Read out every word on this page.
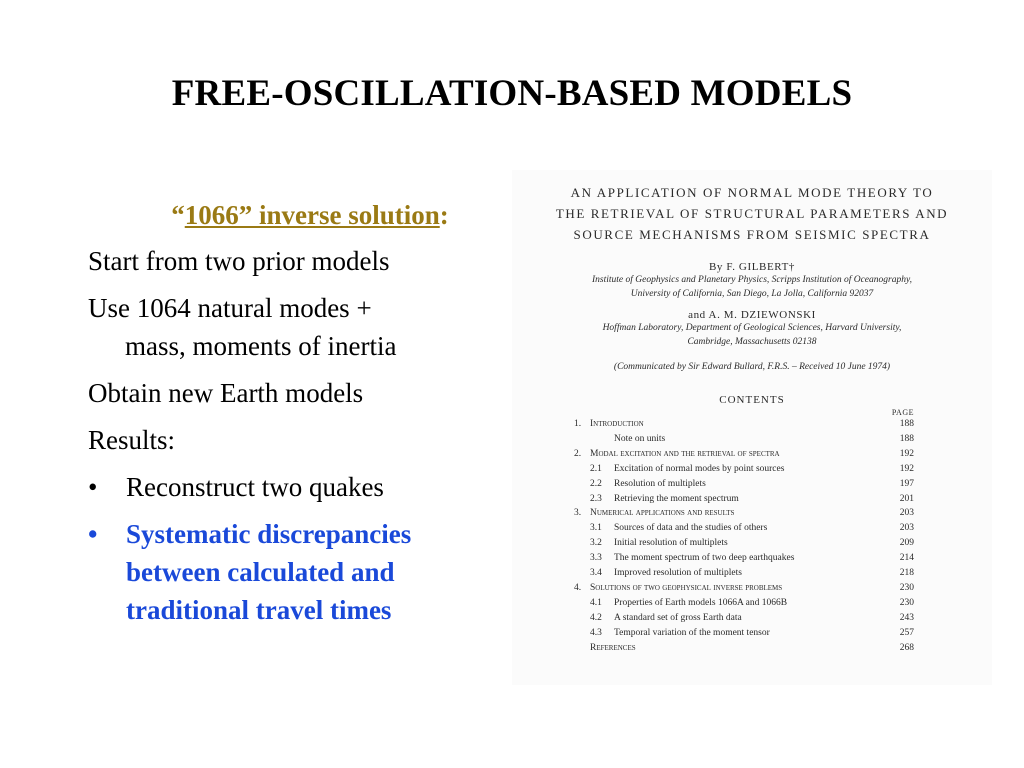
FREE-OSCILLATION-BASED MODELS
“1066” inverse solution:
Start from two prior models
Use 1064 natural modes +
mass, moments of inertia
Obtain new Earth models
Results:
• Reconstruct two quakes
• Systematic discrepancies between calculated and traditional travel times
AN APPLICATION OF NORMAL MODE THEORY TO
THE RETRIEVAL OF STRUCTURAL PARAMETERS AND
SOURCE MECHANISMS FROM SEISMIC SPECTRA
By F. GILBERT†
Institute of Geophysics and Planetary Physics, Scripps Institution of Oceanography,
University of California, San Diego, La Jolla, California 92037
and A. M. DZIEWONSKI
Hoffman Laboratory, Department of Geological Sciences, Harvard University,
Cambridge, Massachusetts 02138
(Communicated by Sir Edward Bullard, F.R.S. – Received 10 June 1974)
CONTENTS
PAGE
1. Introduction	188
Note on units	188
2. Modal excitation and the retrieval of spectra	192
2.1	Excitation of normal modes by point sources	192
2.2	Resolution of multiplets	197
2.3	Retrieving the moment spectrum	201
3. Numerical applications and results	203
3.1	Sources of data and the studies of others	203
3.2	Initial resolution of multiplets	209
3.3	The moment spectrum of two deep earthquakes	214
3.4	Improved resolution of multiplets	218
4. Solutions of two geophysical inverse problems	230
4.1	Properties of Earth models 1066A and 1066B	230
4.2	A standard set of gross Earth data	243
4.3	Temporal variation of the moment tensor	257
References	268
